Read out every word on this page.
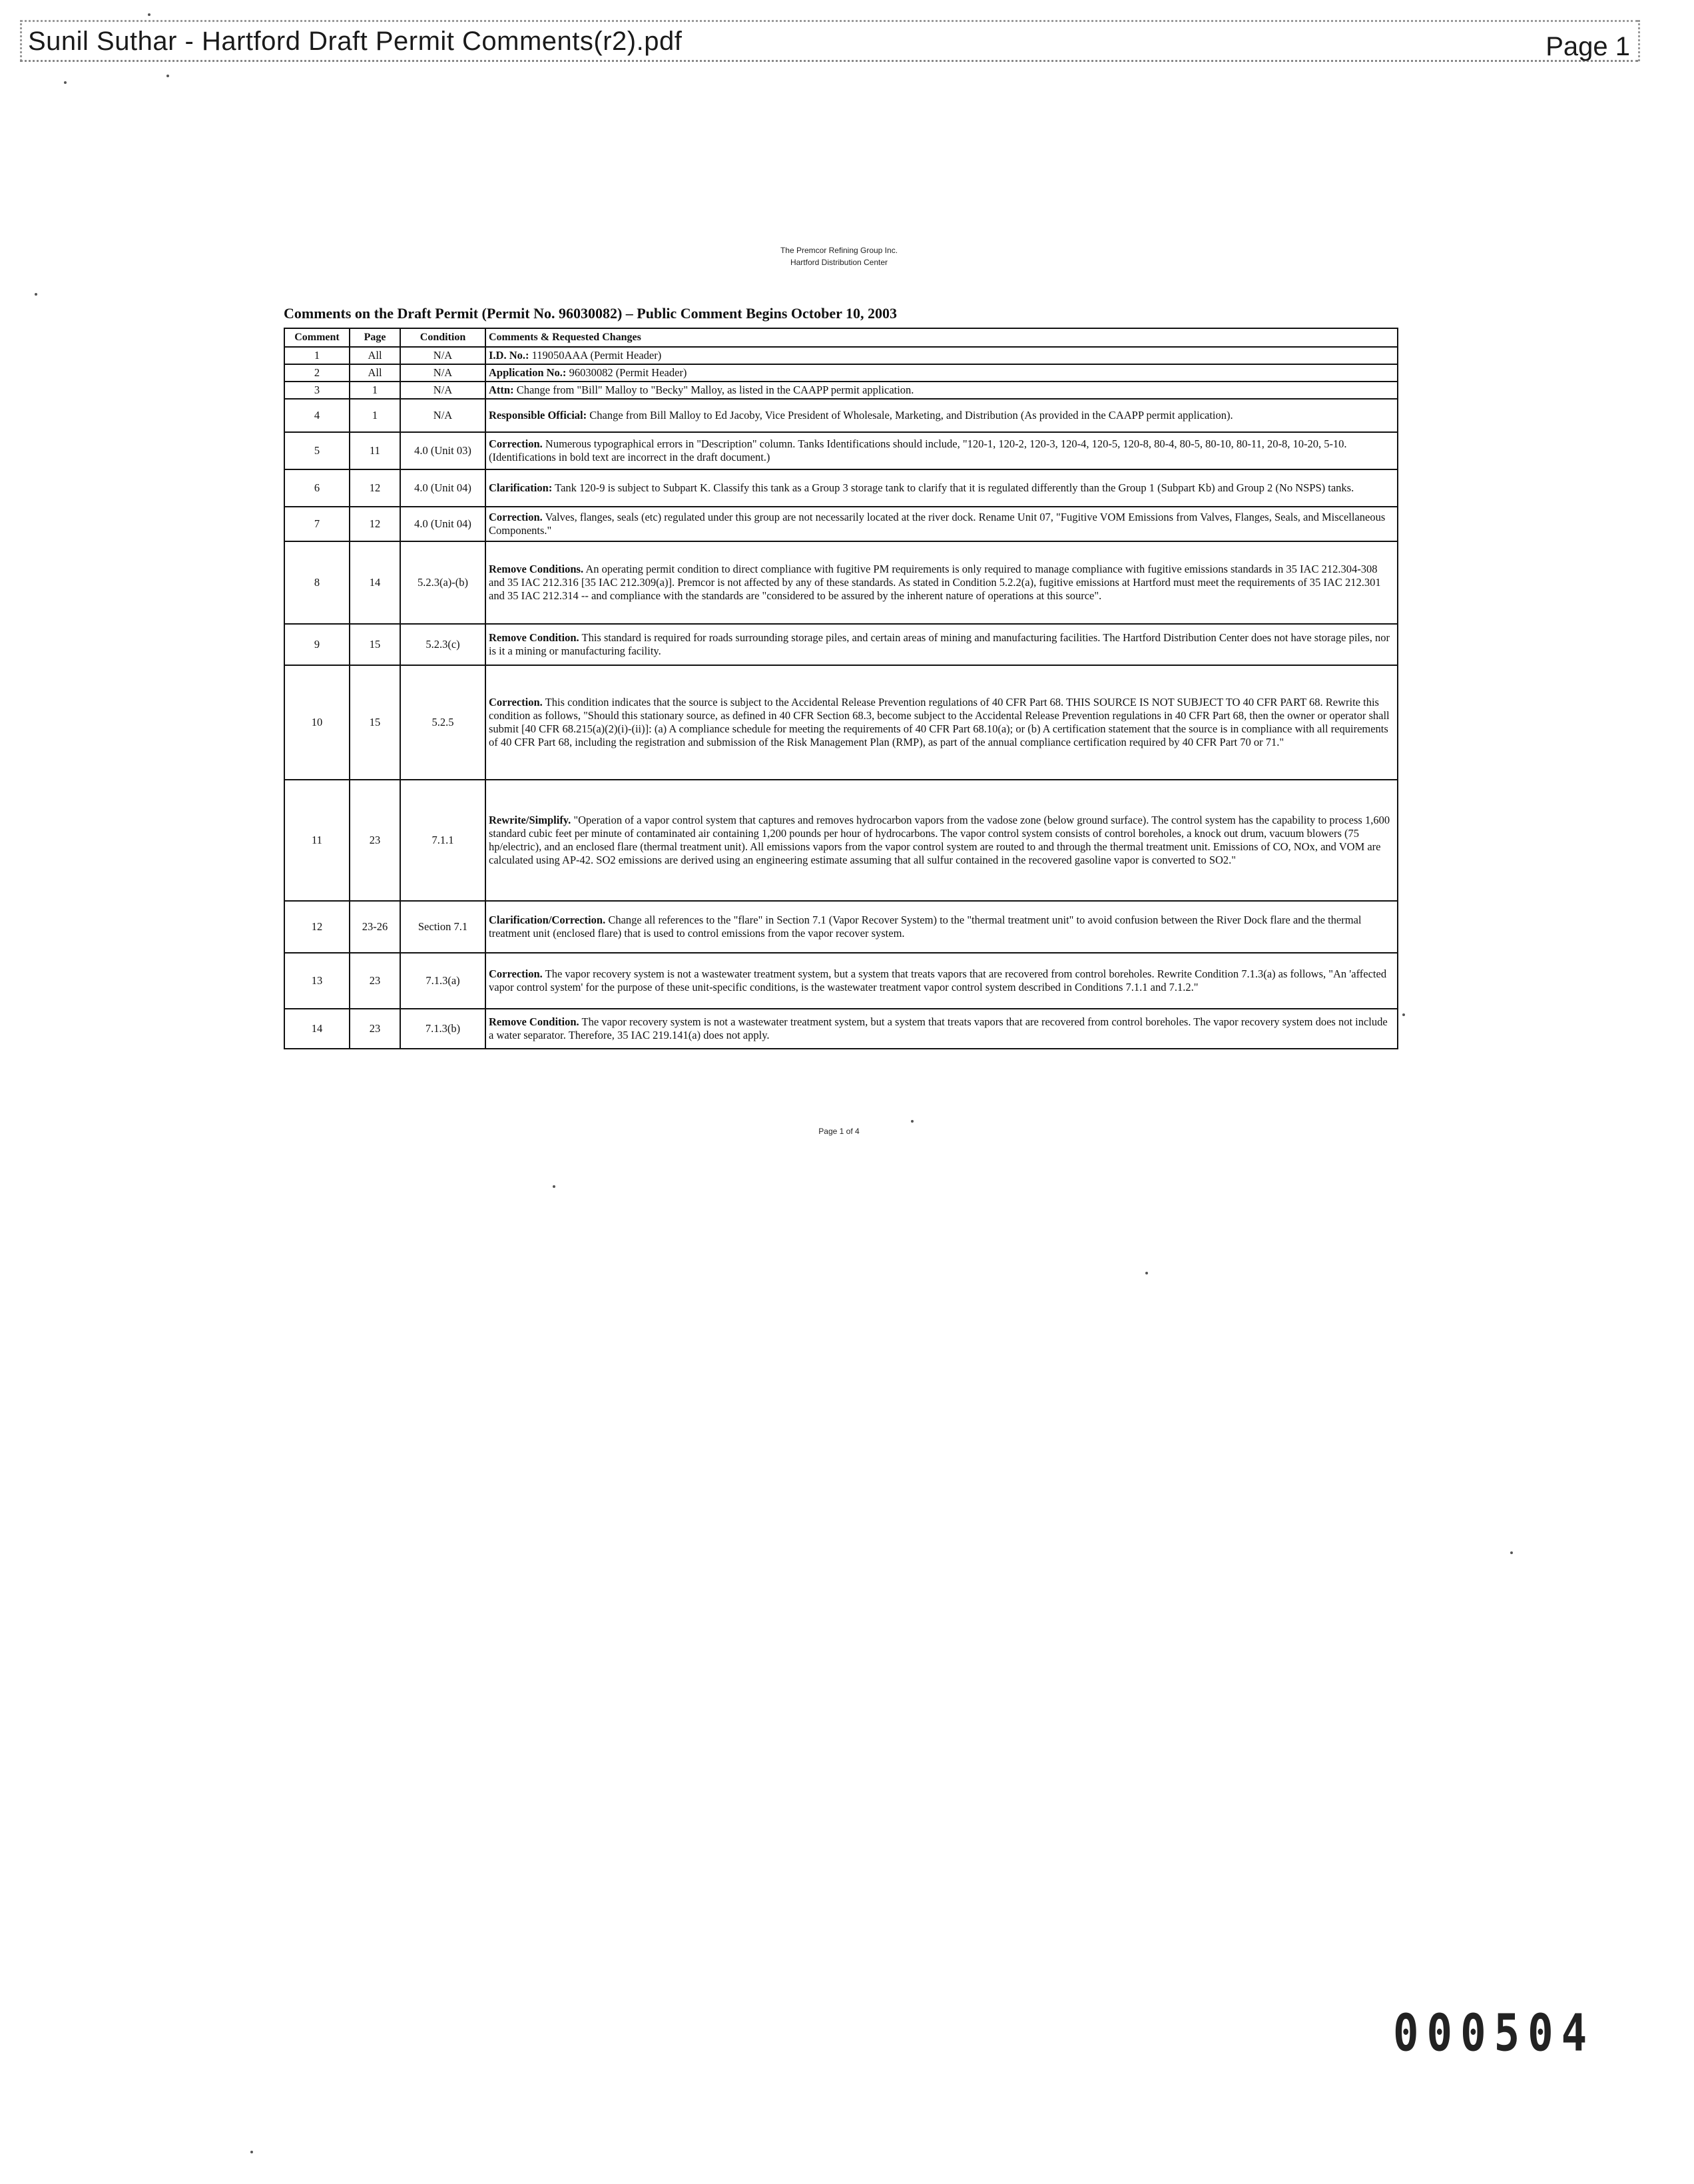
Sunil Suthar - Hartford Draft Permit Comments(r2).pdf	Page 1
The Premcor Refining Group Inc.
Hartford Distribution Center
Comments on the Draft Permit (Permit No. 96030082) – Public Comment Begins October 10, 2003
Comment	Page	Condition	Comments & Requested Changes
1	All	N/A	I.D. No.: 119050AAA (Permit Header)
2	All	N/A	Application No.: 96030082 (Permit Header)
3	1	N/A	Attn: Change from "Bill" Malloy to "Becky" Malloy, as listed in the CAAPP permit application.
4	1	N/A	Responsible Official: Change from Bill Malloy to Ed Jacoby, Vice President of Wholesale, Marketing, and Distribution (As provided in the CAAPP permit application).
5	11	4.0 (Unit 03)	Correction. Numerous typographical errors in "Description" column. Tanks Identifications should include, "120-1, 120-2, 120-3, 120-4, 120-5, 120-8, 80-4, 80-5, 80-10, 80-11, 20-8, 10-20, 5-10. (Identifications in bold text are incorrect in the draft document.)
6	12	4.0 (Unit 04)	Clarification: Tank 120-9 is subject to Subpart K. Classify this tank as a Group 3 storage tank to clarify that it is regulated differently than the Group 1 (Subpart Kb) and Group 2 (No NSPS) tanks.
7	12	4.0 (Unit 04)	Correction. Valves, flanges, seals (etc) regulated under this group are not necessarily located at the river dock. Rename Unit 07, "Fugitive VOM Emissions from Valves, Flanges, Seals, and Miscellaneous Components."
8	14	5.2.3(a)-(b)	Remove Conditions. An operating permit condition to direct compliance with fugitive PM requirements is only required to manage compliance with fugitive emissions standards in 35 IAC 212.304-308 and 35 IAC 212.316 [35 IAC 212.309(a)]. Premcor is not affected by any of these standards. As stated in Condition 5.2.2(a), fugitive emissions at Hartford must meet the requirements of 35 IAC 212.301 and 35 IAC 212.314 -- and compliance with the standards are "considered to be assured by the inherent nature of operations at this source".
9	15	5.2.3(c)	Remove Condition. This standard is required for roads surrounding storage piles, and certain areas of mining and manufacturing facilities. The Hartford Distribution Center does not have storage piles, nor is it a mining or manufacturing facility.
10	15	5.2.5	Correction. This condition indicates that the source is subject to the Accidental Release Prevention regulations of 40 CFR Part 68. THIS SOURCE IS NOT SUBJECT TO 40 CFR PART 68. Rewrite this condition as follows, "Should this stationary source, as defined in 40 CFR Section 68.3, become subject to the Accidental Release Prevention regulations in 40 CFR Part 68, then the owner or operator shall submit [40 CFR 68.215(a)(2)(i)-(ii)]: (a) A compliance schedule for meeting the requirements of 40 CFR Part 68.10(a); or (b) A certification statement that the source is in compliance with all requirements of 40 CFR Part 68, including the registration and submission of the Risk Management Plan (RMP), as part of the annual compliance certification required by 40 CFR Part 70 or 71."
11	23	7.1.1	Rewrite/Simplify. "Operation of a vapor control system that captures and removes hydrocarbon vapors from the vadose zone (below ground surface). The control system has the capability to process 1,600 standard cubic feet per minute of contaminated air containing 1,200 pounds per hour of hydrocarbons. The vapor control system consists of control boreholes, a knock out drum, vacuum blowers (75 hp/electric), and an enclosed flare (thermal treatment unit). All emissions vapors from the vapor control system are routed to and through the thermal treatment unit. Emissions of CO, NOx, and VOM are calculated using AP-42. SO2 emissions are derived using an engineering estimate assuming that all sulfur contained in the recovered gasoline vapor is converted to SO2."
12	23-26	Section 7.1	Clarification/Correction. Change all references to the "flare" in Section 7.1 (Vapor Recover System) to the "thermal treatment unit" to avoid confusion between the River Dock flare and the thermal treatment unit (enclosed flare) that is used to control emissions from the vapor recover system.
13	23	7.1.3(a)	Correction. The vapor recovery system is not a wastewater treatment system, but a system that treats vapors that are recovered from control boreholes. Rewrite Condition 7.1.3(a) as follows, "An 'affected vapor control system' for the purpose of these unit-specific conditions, is the wastewater treatment vapor control system described in Conditions 7.1.1 and 7.1.2."
14	23	7.1.3(b)	Remove Condition. The vapor recovery system is not a wastewater treatment system, but a system that treats vapors that are recovered from control boreholes. The vapor recovery system does not include a water separator. Therefore, 35 IAC 219.141(a) does not apply.
Page 1 of 4
000504
